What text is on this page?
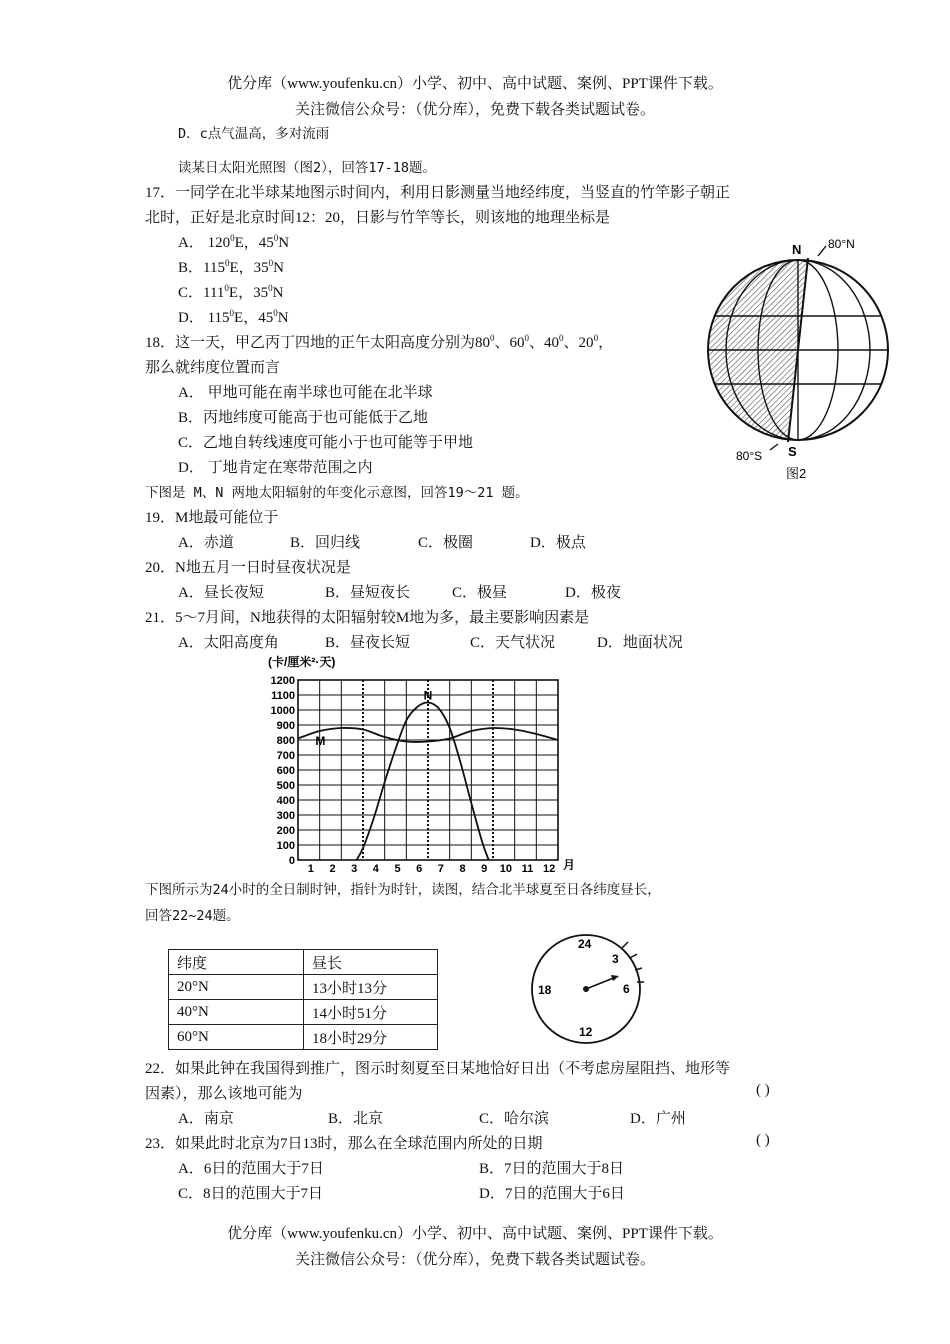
优分库（www.youfenku.cn）小学、初中、高中试题、案例、PPT课件下载。
关注微信公众号：（优分库），免费下载各类试题试卷。
D．c点气温高，多对流雨
读某日太阳光照图（图2），回答17-18题。
17．一同学在北半球某地图示时间内，利用日影测量当地经纬度，当竖直的竹竿影子朝正
北时，正好是北京时间12：20，日影与竹竿等长，则该地的地理坐标是
A． $120^0E$，$45^0N$
B．$115^0E$，$35^0N$
C．$111^0E$，$35^0N$
D． $115^0E$，$45^0N$
18．这一天，甲乙丙丁四地的正午太阳高度分别为$80^0$、$60^0$、$40^0$、$20^0$，
那么就纬度位置而言
A． 甲地可能在南半球也可能在北半球
B．丙地纬度可能高于也可能低于乙地
C．乙地自转线速度可能小于也可能等于甲地
D． 丁地肯定在寒带范围之内
N 80°N
S
80°S
图2
下图是 M、N 两地太阳辐射的年变化示意图，回答19～21 题。
19．M地最可能位于
A．赤道	B．回归线	C．极圈	D．极点
20．N地五月一日时昼夜状况是
A．昼长夜短	B．昼短夜长	C．极昼	D．极夜
21．5～7月间，N地获得的太阳辐射较M地为多，最主要影响因素是
A．太阳高度角	B．昼夜长短	C．天气状况	D．地面状况
(卡/厘米²·天)
1200
1100
1000
900
800
700
600
500
400
300
200
100
0
1 2 3 4 5 6 7 8 9 10 11 12 月
M
N
下图所示为24小时的全日制时钟，指针为时针，读图，结合北半球夏至日各纬度昼长，
回答22~24题。
纬度	昼长
20°N	13小时13分
40°N	14小时51分
60°N	18小时29分
24
3
6
12
18
22．如果此钟在我国得到推广，图示时刻夏至日某地恰好日出（不考虑房屋阻挡、地形等
因素），那么该地可能为	( )
A．南京	B．北京	C．哈尔滨	D．广州
23．如果此时北京为7日13时，那么在全球范围内所处的日期	( )
A．6日的范围大于7日	B．7日的范围大于8日
C．8日的范围大于7日	D．7日的范围大于6日
优分库（www.youfenku.cn）小学、初中、高中试题、案例、PPT课件下载。
关注微信公众号：（优分库），免费下载各类试题试卷。
